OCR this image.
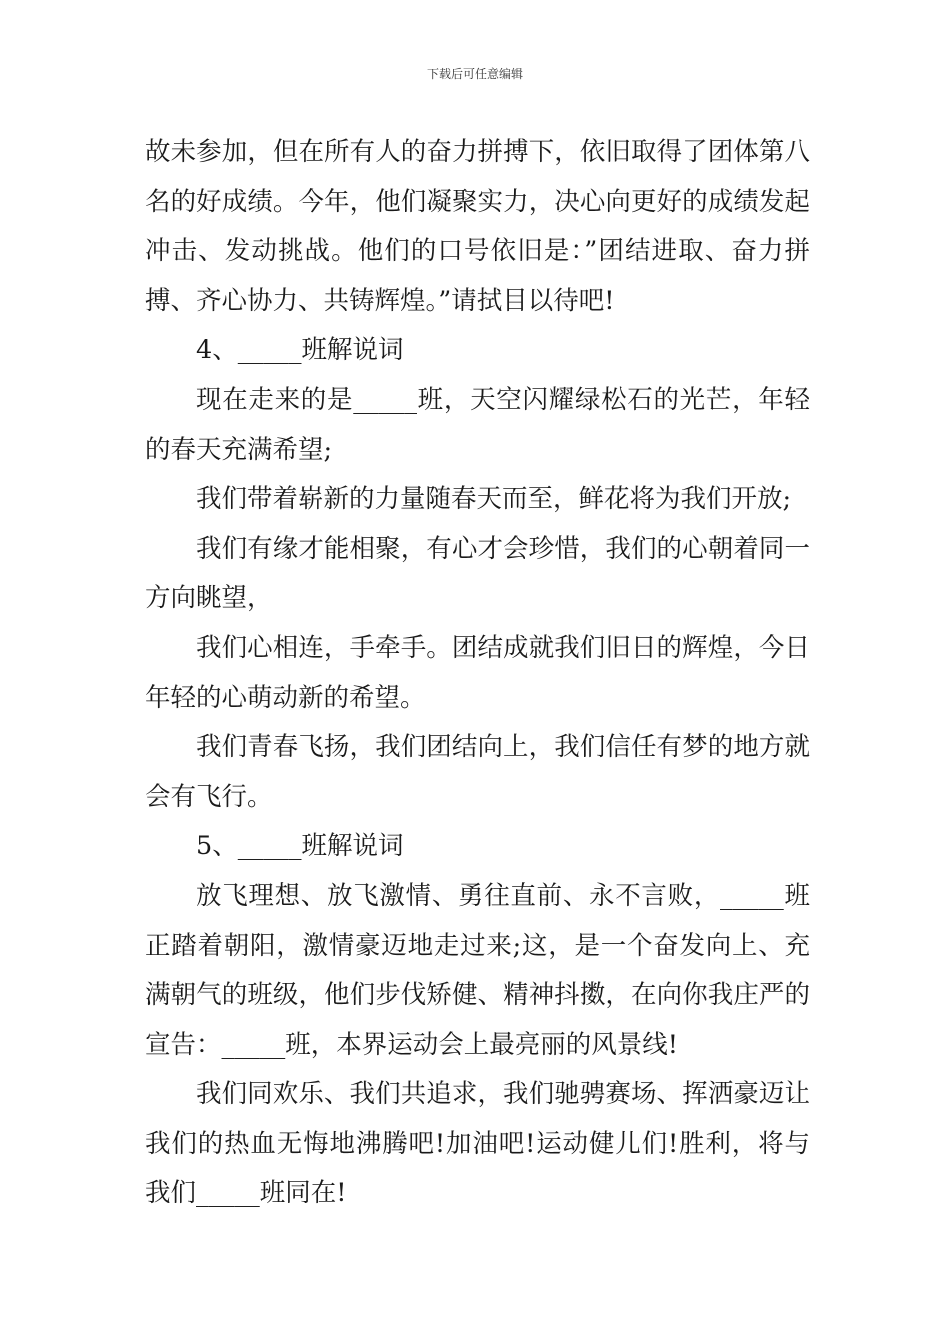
下载后可任意编辑

故未参加，但在所有人的奋力拼搏下，依旧取得了团体第八名的好成绩。今年，他们凝聚实力，决心向更好的成绩发起冲击、发动挑战。他们的口号依旧是：”团结进取、奋力拼搏、齐心协力、共铸辉煌。”请拭目以待吧!

4、_____班解说词

现在走来的是_____班，天空闪耀绿松石的光芒，年轻的春天充满希望;

我们带着崭新的力量随春天而至，鲜花将为我们开放;

我们有缘才能相聚，有心才会珍惜，我们的心朝着同一方向眺望，

我们心相连，手牵手。团结成就我们旧日的辉煌，今日年轻的心萌动新的希望。

我们青春飞扬，我们团结向上，我们信任有梦的地方就会有飞行。

5、_____班解说词

放飞理想、放飞激情、勇往直前、永不言败，_____班正踏着朝阳，激情豪迈地走过来;这，是一个奋发向上、充满朝气的班级，他们步伐矫健、精神抖擞，在向你我庄严的宣告：_____班，本界运动会上最亮丽的风景线!

我们同欢乐、我们共追求，我们驰骋赛场、挥洒豪迈让我们的热血无悔地沸腾吧!加油吧!运动健儿们!胜利，将与我们_____班同在!
